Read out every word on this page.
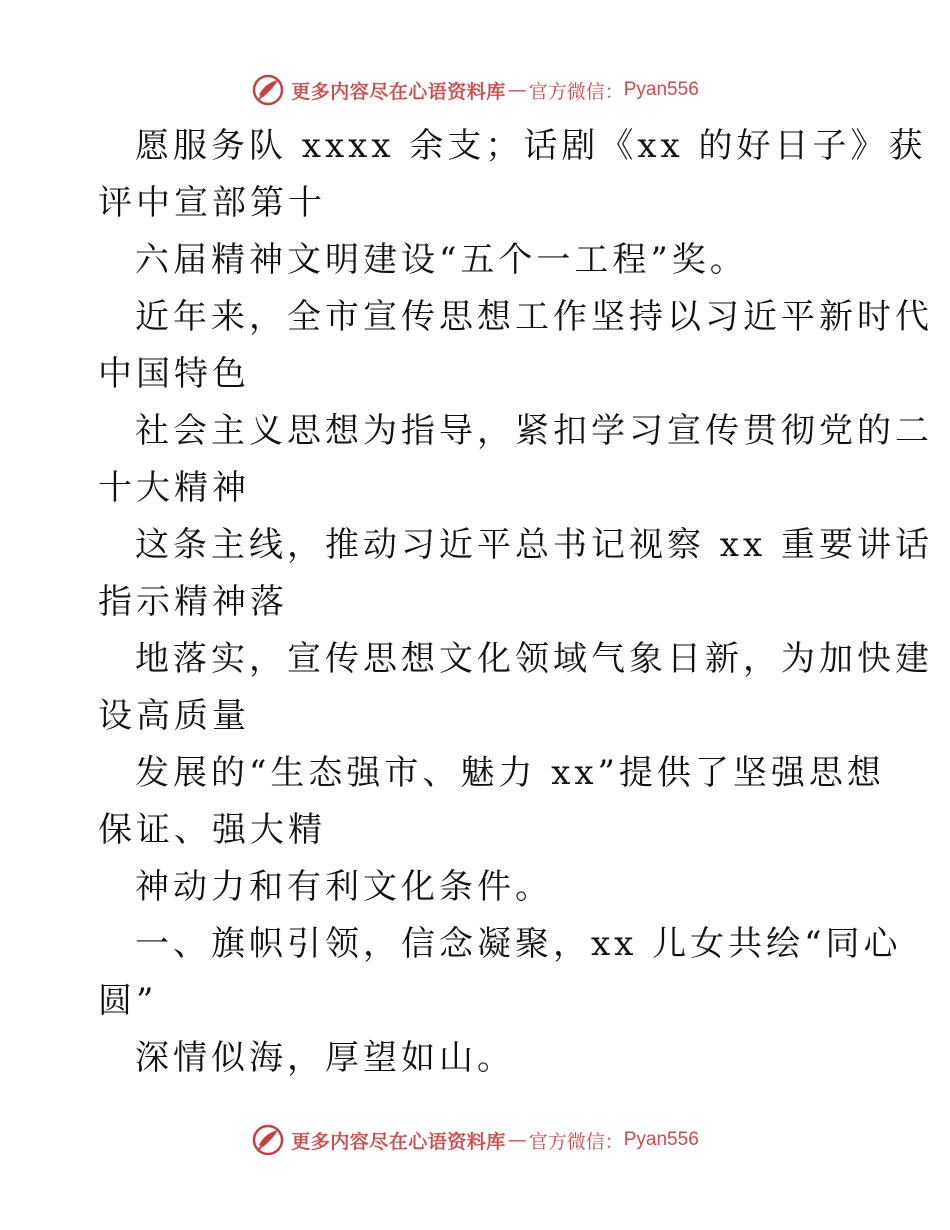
更多内容尽在心语资料库 — 官方微信： Pyan556
愿服务队 xxxx 余支；话剧《xx 的好日子》获
评中宣部第十
六届精神文明建设“五个一工程”奖。
近年来，全市宣传思想工作坚持以习近平新时代
中国特色
社会主义思想为指导，紧扣学习宣传贯彻党的二
十大精神
这条主线，推动习近平总书记视察 xx 重要讲话
指示精神落
地落实，宣传思想文化领域气象日新，为加快建
设高质量
发展的“生态强市、魅力 xx”提供了坚强思想
保证、强大精
神动力和有利文化条件。
一、旗帜引领，信念凝聚，xx 儿女共绘“同心
圆”
深情似海，厚望如山。
更多内容尽在心语资料库 — 官方微信： Pyan556
